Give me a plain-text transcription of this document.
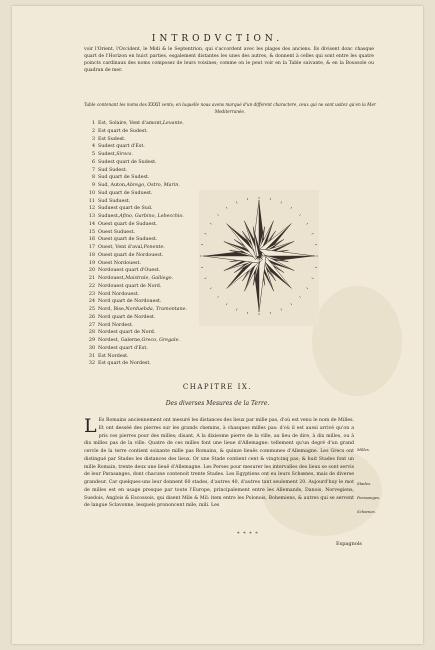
INTRODVCTION.

voir l'Orient, l'Occident, le Midi & le Septentrion, qui s'accordent avec les plages des anciens. Ils divisent donc chasque quart de l'Horizon en huict parties, esgalement distantes les unes des autres, & donnent à celles qui sont entre les quatre poincts cardinaux des noms composez de leurs voisines; comme on le peut voir en la Table suivante, & en la Boussole ou quadran de mer.

Table contenant les noms des XXXII vents; en laquelle nous avons marqué d'un different charactere, ceux qui ne sont usitez qu'en la Mer Mediterranée.
1 Est, Solaire, Vent d'amont, Levante.
2 Est quart de Sudest.
3 Est Sudest.
4 Sudest quart d'Est.
5 Sudest, Sirocs.
6 Sudest quart de Sudest.
7 Sud Sudest.
8 Sud quart de Sudest.
9 Sud, Auton, Abrego, Ostro, Marin.
10 Sud quart de Suduest.
11 Sud Suduest.
12 Suduest quart de Sud.
13 Suduest, Afino, Garbino, Lebecchio.
14 Ouest quart de Suduest.
15 Ouest Suduest.
16 Ouest quart de Suduest.
17 Ouest, Vent d'aval, Ponente.
18 Ouest quart de Nordouest.
19 Ouest Nordouest.
20 Nordouest quart d'Ouest.
21 Nordouest, Maistrale, Galliego.
22 Nordouest quart de Nord.
23 Nord Nordouest.
24 Nord quart de Nordouest.
25 Nord, Bise, Norduebda, Tramontane.
26 Nord quart de Nordest.
27 Nord Nordest.
28 Nordest quart de Nord.
29 Nordest, Galerne, Greco, Gregale.
30 Nordest quart d'Est.
31 Est Nordest.
32 Est quart de Nordest.
CHAPITRE IX.
Des diverses Mesures de la Terre.

L Es Romains anciennement ont mesuré les distances des lieux par mille pas, d'où est venu le nom de Milles. Et ont desséé des pierres sur les grands chemins, à chasques milles pas: d'où il est aussi arrivé qu'on a pris ces pierres pour des milles; disant, A la dixiesme pierre de la ville, au lieu de dire, à dix milles, ou à dix milles pas de la ville. Quatre de ces milles font une lieue d'Allemagne: tellement qu'un degré d'un grand cercle de la terre contient soixante mille pas Romains, & quinze lieuës communes d'Allemagne. Les Grecs ont distingué par Stades les distances des lieux. Or une Stade contient cent & vingtcinq pas; & huit Stades font un mille Romain, trente deux une lieuë d'Allemagne. Les Perses pour mesurer les intervalles des lieux se sont servis de leur Parasanges, dont chacune contenoit trente Stades. Les Egyptiens ont eu leurs Schœnes, mais de diverse grandeur. Car quelques-uns leur donnent 60 stades, d'autres 40, d'autres tant seulement 20. Aujourd'huy le mot de milles est en usage presque par toute l'Europe, principalement entre les Allemands, Danois, Norvegiens, Suedois, Anglois & Escossois, qui disent Mile & Mil: item entre les Polonois, Bohemiens, & autres qui se servent de langue Sclavonne, lesquels prononcent mile, mili. Les

Milles.
Stades.
Parasanges.
Schœnes.
* * * *
Espagnols
